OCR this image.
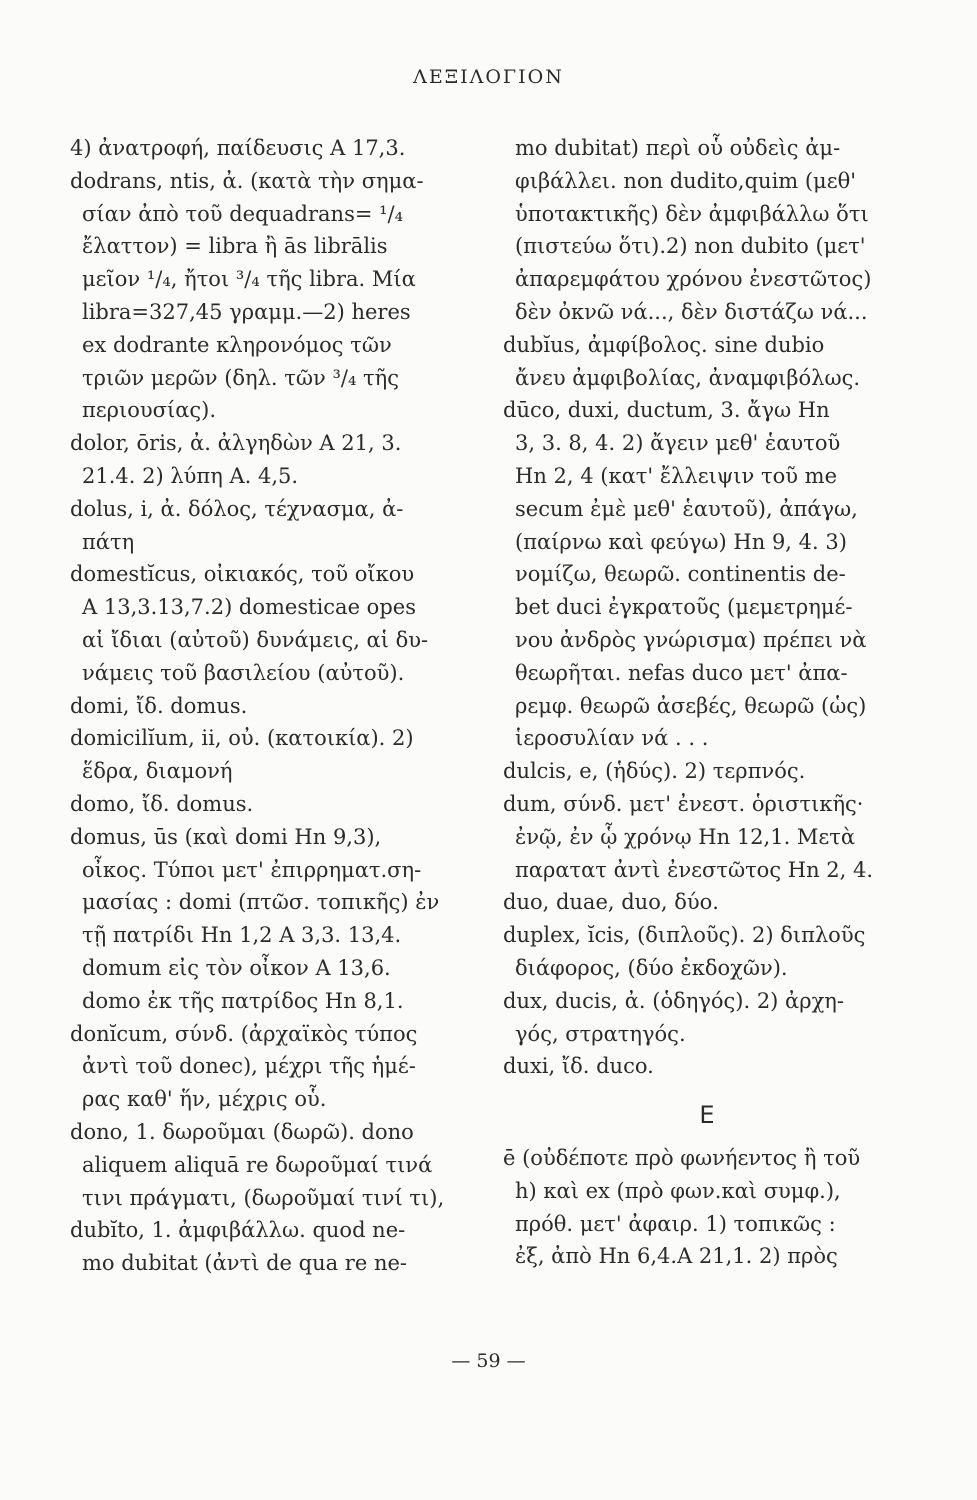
ΛΕΞΙΛΟΓΙΟΝ
4) ἀνατροφή, παίδευσις Α 17,3.
dodrans, ntis, ἀ. (κατὰ τὴν σημα-
σίαν ἀπὸ τοῦ dequadrans= ¹/₄
ἔλαττον) = libra ἢ ās librālis
μεῖον ¹/₄, ἤτοι ³/₄ τῆς libra. Μία
libra=327,45 γραμμ.—2) heres
ex dodrante κληρονόμος τῶν
τριῶν μερῶν (δηλ. τῶν ³/₄ τῆς
περιουσίας).
dolor, ōris, ἀ. ἀλγηδὼν Α 21, 3.
21.4. 2) λύπη Α. 4,5.
dolus, i, ἀ. δόλος, τέχνασμα, ἀ-
πάτη
domestĭcus, οἰκιακός, τοῦ οἴκου
Α 13,3.13,7.2) domesticae opes
αἱ ἴδιαι (αὐτοῦ) δυνάμεις, αἱ δυ-
νάμεις τοῦ βασιλείου (αὐτοῦ).
domi, ἴδ. domus.
domicilĭum, ii, οὐ. (κατοικία). 2)
ἕδρα, διαμονή
domo, ἴδ. domus.
domus, ūs (καὶ domi Hn 9,3),
οἶκος. Τύποι μετ' ἐπιρρηματ.ση-
μασίας : domi (πτῶσ. τοπικῆς) ἐν
τῇ πατρίδι Hn 1,2 A 3,3. 13,4.
domum εἰς τὸν οἶκον Α 13,6.
domo ἐκ τῆς πατρίδος Hn 8,1.
donĭcum, σύνδ. (ἀρχαϊκὸς τύπος
ἀντὶ τοῦ donec), μέχρι τῆς ἡμέ-
ρας καθ' ἥν, μέχρις οὗ.
dono, 1. δωροῦμαι (δωρῶ). dono
aliquem aliquā re δωροῦμαί τινά
τινι πράγματι, (δωροῦμαί τινί τι),
dubĭto, 1. ἀμφιβάλλω. quod ne-
mo dubitat (ἀντὶ de qua re ne-
mo dubitat) περὶ οὗ οὐδεὶς ἀμ-
φιβάλλει. non dudito,quim (μεθ'
ὑποτακτικῆς) δὲν ἀμφιβάλλω ὅτι
(πιστεύω ὅτι).2) non dubito (μετ'
ἀπαρεμφάτου χρόνου ἐνεστῶτος)
δὲν ὀκνῶ νά..., δὲν διστάζω νά...
dubĭus, ἀμφίβολος. sine dubio
ἄνευ ἀμφιβολίας, ἀναμφιβόλως.
dūco, duxi, ductum, 3. ἄγω Hn
3, 3. 8, 4. 2) ἄγειν μεθ' ἑαυτοῦ
Hn 2, 4 (κατ' ἔλλειψιν τοῦ me
secum ἐμὲ μεθ' ἑαυτοῦ), ἀπάγω,
(παίρνω καὶ φεύγω) Hn 9, 4. 3)
νομίζω, θεωρῶ. continentis de-
bet duci ἐγκρατοῦς (μεμετρημέ-
νου ἀνδρὸς γνώρισμα) πρέπει νὰ
θεωρῆται. nefas duco μετ' ἀπα-
ρεμφ. θεωρῶ ἀσεβές, θεωρῶ (ὡς)
ἱεροσυλίαν νά . . .
dulcis, e, (ἡδύς). 2) τερπνός.
dum, σύνδ. μετ' ἐνεστ. ὁριστικῆς·
ἐνῷ, ἐν ᾧ χρόνῳ Hn 12,1. Μετὰ
παρατατ ἀντὶ ἐνεστῶτος Hn 2, 4.
duo, duae, duo, δύο.
duplex, ĭcis, (διπλοῦς). 2) διπλοῦς
διάφορος, (δύο ἐκδοχῶν).
dux, ducis, ἀ. (ὁδηγός). 2) ἀρχη-
γός, στρατηγός.
duxi, ἴδ. duco.
E
ē (οὐδέποτε πρὸ φωνήεντος ἢ τοῦ
h) καὶ ex (πρὸ φων.καὶ συμφ.),
πρόθ. μετ' ἀφαιρ. 1) τοπικῶς :
ἐξ, ἀπὸ Hn 6,4.A 21,1. 2) πρὸς
— 59 —
